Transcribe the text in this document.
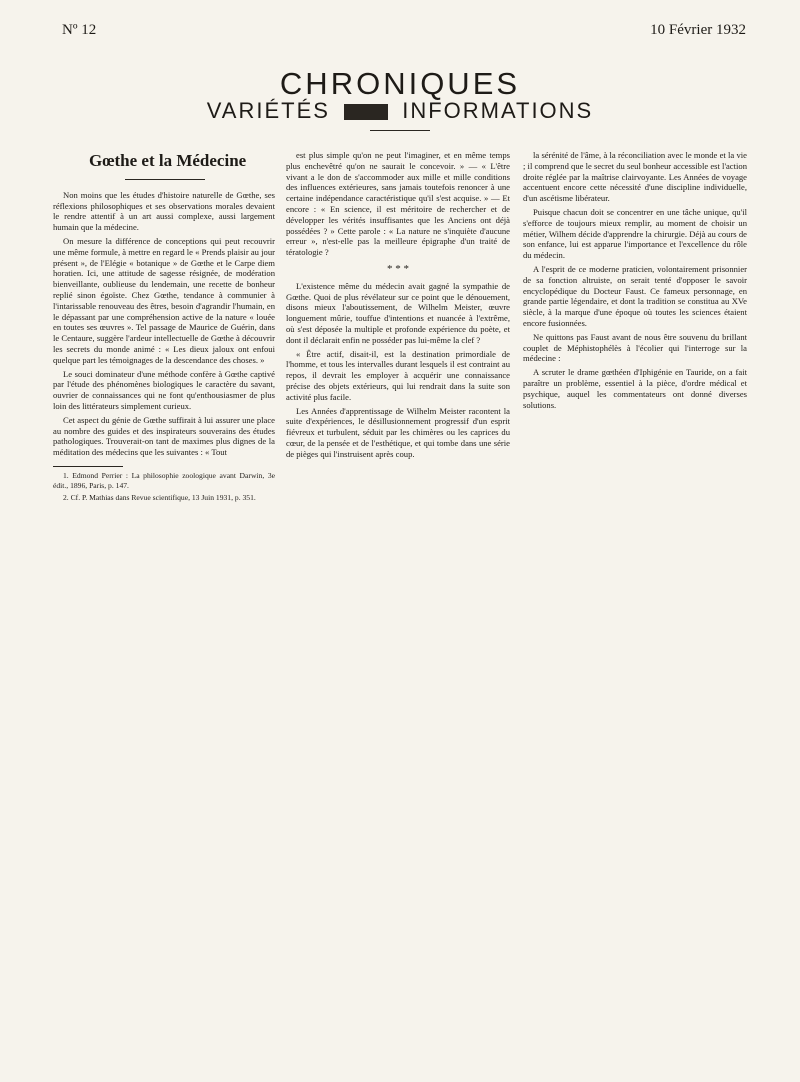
Nº 12	10 Février 1932
CHRONIQUES
VARIÉTÉS	INFORMATIONS
Gœthe et la Médecine

Non moins que les études d'histoire naturelle de Gœthe, ses réflexions philosophiques et ses observations morales devaient le rendre attentif à un art aussi complexe, aussi largement humain que la médecine.

On mesure la différence de conceptions qui peut recouvrir une même formule, à mettre en regard le « Prends plaisir au jour présent », de l'Elégie « botanique » de Gœthe et le Carpe diem horatien. Ici, une attitude de sagesse résignée, de modération bienveillante, oublieuse du lendemain, une recette de bonheur replié sinon égoïste. Chez Gœthe, tendance à communier à l'intarissable renouveau des êtres, besoin d'agrandir l'humain, en le dépassant par une compréhension active de la nature « louée en toutes ses œuvres ». Tel passage de Maurice de Guérin, dans le Centaure, suggère l'ardeur intellectuelle de Gœthe à découvrir les secrets du monde animé : « Les dieux jaloux ont enfoui quelque part les témoignages de la descendance des choses. »

Le souci dominateur d'une méthode confère à Gœthe captivé par l'étude des phénomènes biologiques le caractère du savant, ouvrier de connaissances qui ne font qu'enthousiasmer de plus loin des littérateurs simplement curieux.

Cet aspect du génie de Gœthe suffirait à lui assurer une place au nombre des guides et des inspirateurs souverains des études pathologiques. Trouverait-on tant de maximes plus dignes de la méditation des médecins que les suivantes : « Tout

1. Edmond Perrier : La philosophie zoologique avant Darwin, 3e édit., 1896, Paris, p. 147.

2. Cf. P. Mathias dans Revue scientifique, 13 Juin 1931, p. 351.

est plus simple qu'on ne peut l'imaginer, et en même temps plus enchevêtré qu'on ne saurait le concevoir. » — « L'être vivant a le don de s'accommoder aux mille et mille conditions des influences extérieures, sans jamais toutefois renoncer à une certaine indépendance caractéristique qu'il s'est acquise. » — Et encore : « En science, il est méritoire de rechercher et de développer les vérités insuffisantes que les Anciens ont déjà possédées ? » Cette parole : « La nature ne s'inquiète d'aucune erreur », n'est-elle pas la meilleure épigraphe d'un traité de tératologie ?

* * *

L'existence même du médecin avait gagné la sympathie de Gœthe. Quoi de plus révélateur sur ce point que le dénouement, disons mieux l'aboutissement, de Wilhelm Meister, œuvre longuement mûrie, touffue d'intentions et nuancée à l'extrême, où s'est déposée la multiple et profonde expérience du poète, et dont il déclarait enfin ne posséder pas lui-même la clef ?

« Être actif, disait-il, est la destination primordiale de l'homme, et tous les intervalles durant lesquels il est contraint au repos, il devrait les employer à acquérir une connaissance précise des objets extérieurs, qui lui rendrait dans la suite son activité plus facile.

Les Années d'apprentissage de Wilhelm Meister racontent la suite d'expériences, le désillusionnement progressif d'un esprit fiévreux et turbulent, séduit par les chimères ou les caprices du cœur, de la pensée et de l'esthétique, et qui tombe dans une série de pièges qui l'instruisent après coup.

la sérénité de l'âme, à la réconciliation avec le monde et la vie ; il comprend que le secret du seul bonheur accessible est l'action droite réglée par la maîtrise clairvoyante. Les Années de voyage accentuent encore cette nécessité d'une discipline individuelle, d'un ascétisme libérateur.

Puisque chacun doit se concentrer en une tâche unique, qu'il s'efforce de toujours mieux remplir, au moment de choisir un métier, Wilhem décide d'apprendre la chirurgie. Déjà au cours de son enfance, lui est apparue l'importance et l'excellence du rôle du médecin.

A l'esprit de ce moderne praticien, volontairement prisonnier de sa fonction altruiste, on serait tenté d'opposer le savoir encyclopédique du Docteur Faust. Ce fameux personnage, en grande partie légendaire, et dont la tradition se constitua au XVe siècle, à la marque d'une époque où toutes les sciences étaient encore fusionnées.

Ne quittons pas Faust avant de nous être souvenu du brillant couplet de Méphistophélès à l'écolier qui l'interroge sur la médecine :

A scruter le drame gœthéen d'Iphigénie en Tauride, on a fait paraître un problème, essentiel à la pièce, d'ordre médical et psychique, auquel les commentateurs ont donné diverses solutions.
